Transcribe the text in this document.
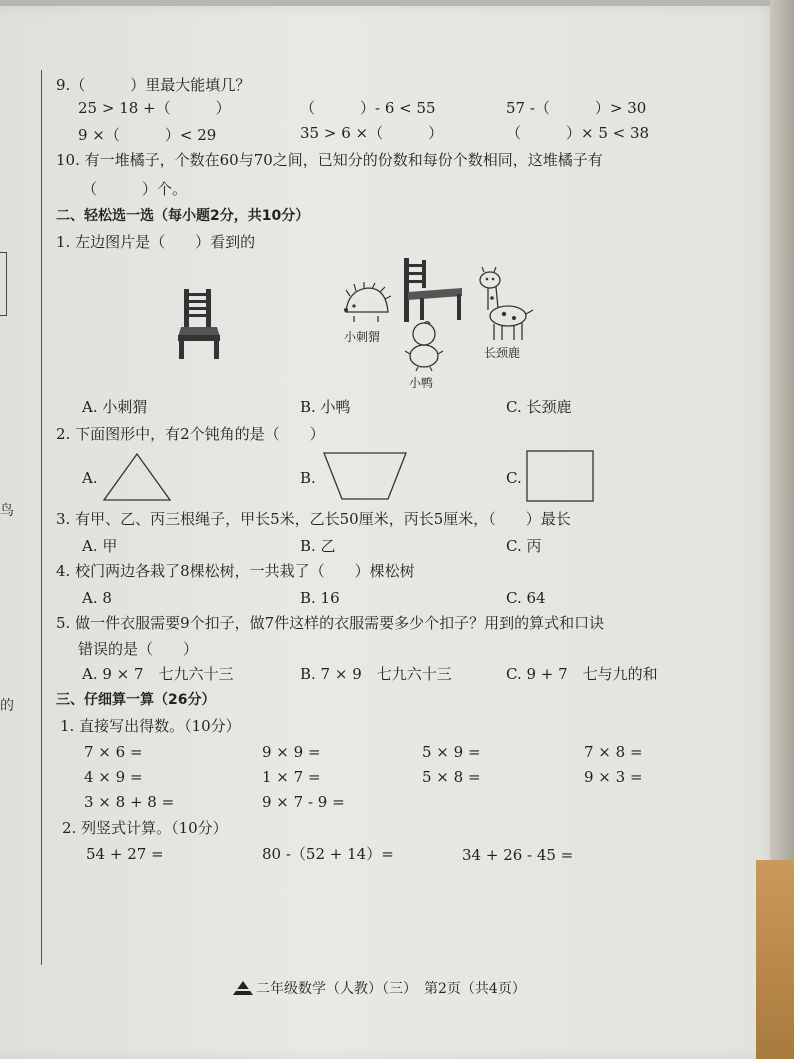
鸟
的
9.（　　　）里最大能填几？
25 > 18 +（　　　）	（　　　）- 6 < 55	57 -（　　　）> 30
9 ×（　　　）< 29	35 > 6 ×（　　　）	（　　　）× 5 < 38
10. 有一堆橘子，个数在60与70之间，已知分的份数和每份个数相同，这堆橘子有
（　　　）个。
二、轻松选一选（每小题2分，共10分）
1. 左边图片是（　　）看到的
小刺猬
小鸭
长颈鹿
A. 小刺猬	B. 小鸭	C. 长颈鹿
2. 下面图形中，有2个钝角的是（　　）
A.	B.	C.
3. 有甲、乙、丙三根绳子，甲长5米，乙长50厘米，丙长5厘米，（　　）最长
A. 甲	B. 乙	C. 丙
4. 校门两边各栽了8棵松树，一共栽了（　　）棵松树
A. 8	B. 16	C. 64
5. 做一件衣服需要9个扣子，做7件这样的衣服需要多少个扣子？用到的算式和口诀
错误的是（　　）
A. 9 × 7　七九六十三	B. 7 × 9　七九六十三	C. 9 + 7　七与九的和
三、仔细算一算（26分）
1. 直接写出得数。（10分）
7 × 6 =	9 × 9 =	5 × 9 =	7 × 8 =
4 × 9 =	1 × 7 =	5 × 8 =	9 × 3 =
3 × 8 + 8 =	9 × 7 - 9 =
2. 列竖式计算。（10分）
54 + 27 =	80 -（52 + 14）=	34 + 26 - 45 =
二年级数学（人教）（三）　第2页（共4页）
